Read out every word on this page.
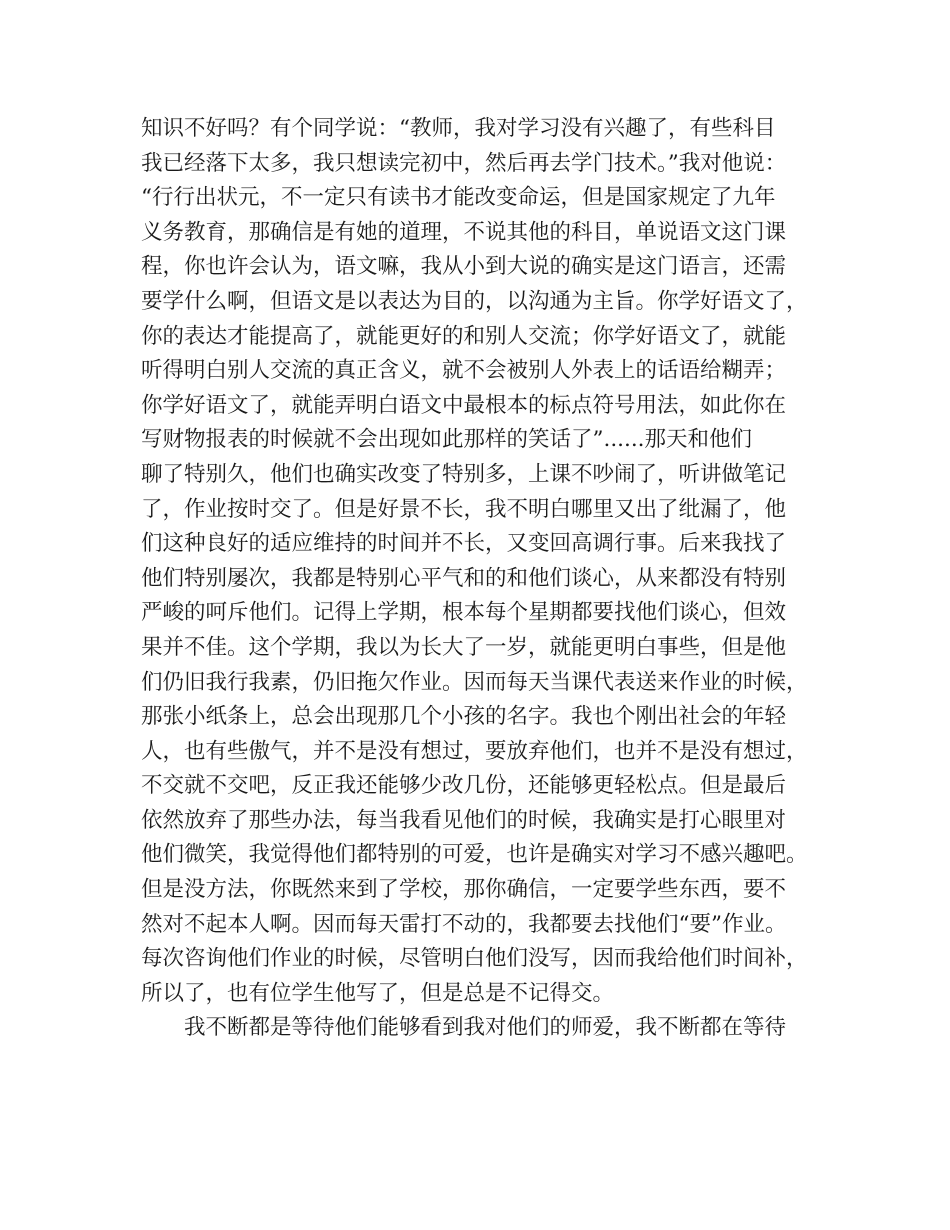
知识不好吗？有个同学说：“教师，我对学习没有兴趣了，有些科目
我已经落下太多，我只想读完初中，然后再去学门技术。”我对他说：
“行行出状元，不一定只有读书才能改变命运，但是国家规定了九年
义务教育，那确信是有她的道理，不说其他的科目，单说语文这门课
程，你也许会认为，语文嘛，我从小到大说的确实是这门语言，还需
要学什么啊，但语文是以表达为目的，以沟通为主旨。你学好语文了，
你的表达才能提高了，就能更好的和别人交流；你学好语文了，就能
听得明白别人交流的真正含义，就不会被别人外表上的话语给糊弄；
你学好语文了，就能弄明白语文中最根本的标点符号用法，如此你在
写财物报表的时候就不会出现如此那样的笑话了”......那天和他们
聊了特别久，他们也确实改变了特别多，上课不吵闹了，听讲做笔记
了，作业按时交了。但是好景不长，我不明白哪里又出了纰漏了，他
们这种良好的适应维持的时间并不长，又变回高调行事。后来我找了
他们特别屡次，我都是特别心平气和的和他们谈心，从来都没有特别
严峻的呵斥他们。记得上学期，根本每个星期都要找他们谈心，但效
果并不佳。这个学期，我以为长大了一岁，就能更明白事些，但是他
们仍旧我行我素，仍旧拖欠作业。因而每天当课代表送来作业的时候，
那张小纸条上，总会出现那几个小孩的名字。我也个刚出社会的年轻
人，也有些傲气，并不是没有想过，要放弃他们，也并不是没有想过，
不交就不交吧，反正我还能够少改几份，还能够更轻松点。但是最后
依然放弃了那些办法，每当我看见他们的时候，我确实是打心眼里对
他们微笑，我觉得他们都特别的可爱，也许是确实对学习不感兴趣吧。
但是没方法，你既然来到了学校，那你确信，一定要学些东西，要不
然对不起本人啊。因而每天雷打不动的，我都要去找他们“要”作业。
每次咨询他们作业的时候，尽管明白他们没写，因而我给他们时间补，
所以了，也有位学生他写了，但是总是不记得交。
我不断都是等待他们能够看到我对他们的师爱，我不断都在等待
